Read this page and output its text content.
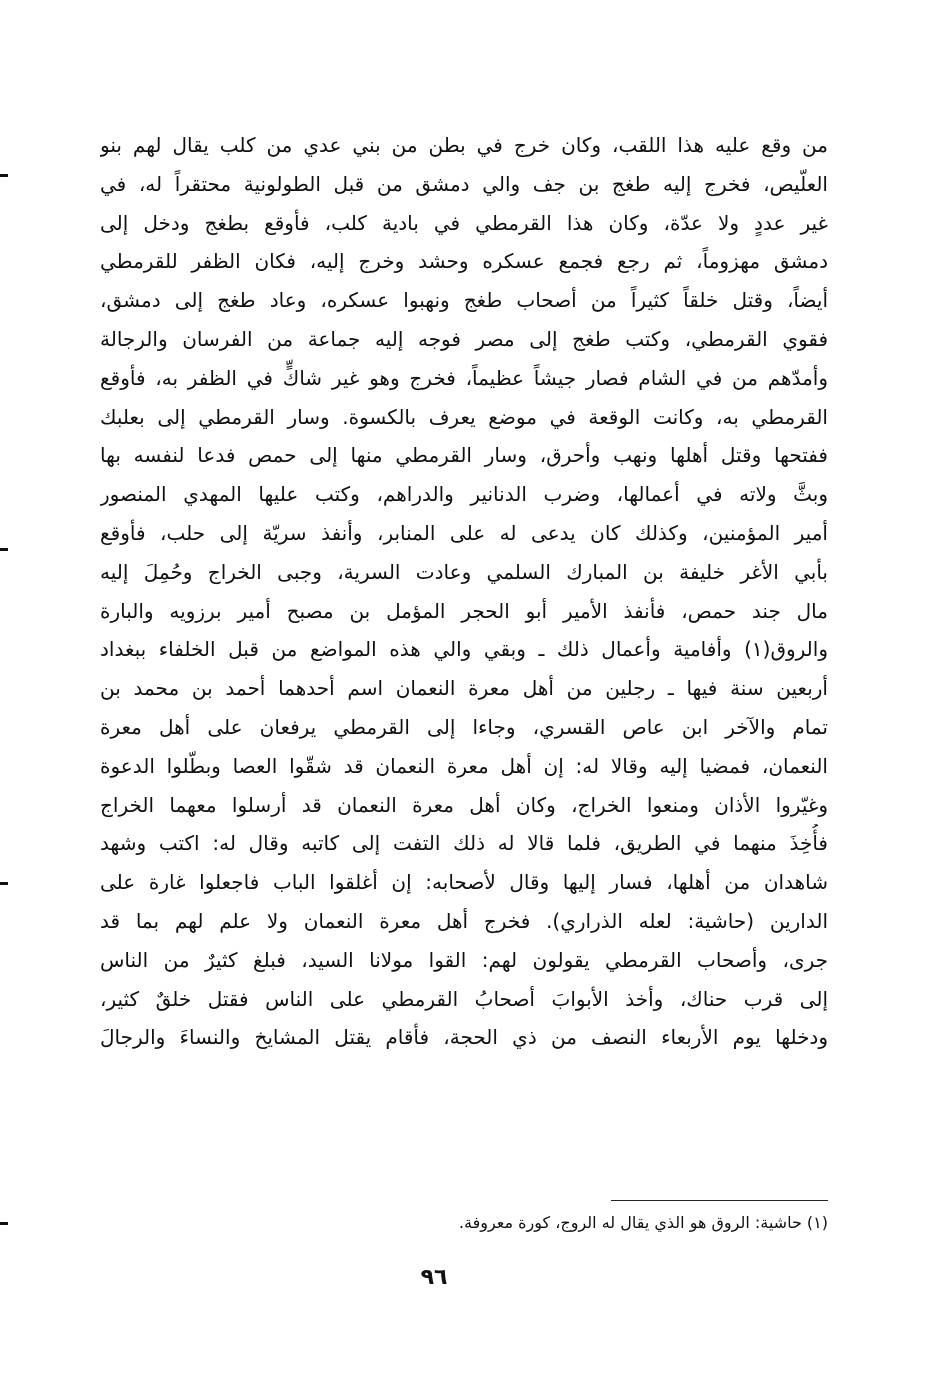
من وقع عليه هذا اللقب، وكان خرج في بطن من بني عدي من كلب يقال لهم بنو
العلّيص، فخرج إليه طغج بن جف والي دمشق من قبل الطولونية محتقراً له، في
غير عددٍ ولا عدّة، وكان هذا القرمطي في بادية كلب، فأوقع بطغج ودخل إلى
دمشق مهزوماً، ثم رجع فجمع عسكره وحشد وخرج إليه، فكان الظفر للقرمطي
أيضاً، وقتل خلقاً كثيراً من أصحاب طغج ونهبوا عسكره، وعاد طغج إلى دمشق،
فقوي القرمطي، وكتب طغج إلى مصر فوجه إليه جماعة من الفرسان والرجالة
وأمدّهم من في الشام فصار جيشاً عظيماً، فخرج وهو غير شاكٍّ في الظفر به، فأوقع
القرمطي به، وكانت الوقعة في موضع يعرف بالكسوة. وسار القرمطي إلى بعلبك
ففتحها وقتل أهلها ونهب وأحرق، وسار القرمطي منها إلى حمص فدعا لنفسه بها
وبثَّ ولاته في أعمالها، وضرب الدنانير والدراهم، وكتب عليها المهدي المنصور
أمير المؤمنين، وكذلك كان يدعى له على المنابر، وأنفذ سريّة إلى حلب، فأوقع
بأبي الأغر خليفة بن المبارك السلمي وعادت السرية، وجبى الخراج وحُمِلَ إليه
مال جند حمص، فأنفذ الأمير أبو الحجر المؤمل بن مصبح أمير برزويه والبارة
والروق(١) وأفامية وأعمال ذلك ـ وبقي والي هذه المواضع من قبل الخلفاء ببغداد
أربعين سنة فيها ـ رجلين من أهل معرة النعمان اسم أحدهما أحمد بن محمد بن
تمام والآخر ابن عاص القسري، وجاءا إلى القرمطي يرفعان على أهل معرة
النعمان، فمضيا إليه وقالا له: إن أهل معرة النعمان قد شقّوا العصا وبطّلوا الدعوة
وغيّروا الأذان ومنعوا الخراج، وكان أهل معرة النعمان قد أرسلوا معهما الخراج
فأُخِذَ منهما في الطريق، فلما قالا له ذلك التفت إلى كاتبه وقال له: اكتب وشهد
شاهدان من أهلها، فسار إليها وقال لأصحابه: إن أغلقوا الباب فاجعلوا غارة على
الدارين (حاشية: لعله الذراري). فخرج أهل معرة النعمان ولا علم لهم بما قد
جرى، وأصحاب القرمطي يقولون لهم: القوا مولانا السيد، فبلغ كثيرٌ من الناس
إلى قرب حناك، وأخذ الأبوابَ أصحابُ القرمطي على الناس فقتل خلقٌ كثير،
ودخلها يوم الأربعاء النصف من ذي الحجة، فأقام يقتل المشايخ والنساءَ والرجالَ
(١) حاشية: الروق هو الذي يقال له الروج، كورة معروفة.
٩٦
